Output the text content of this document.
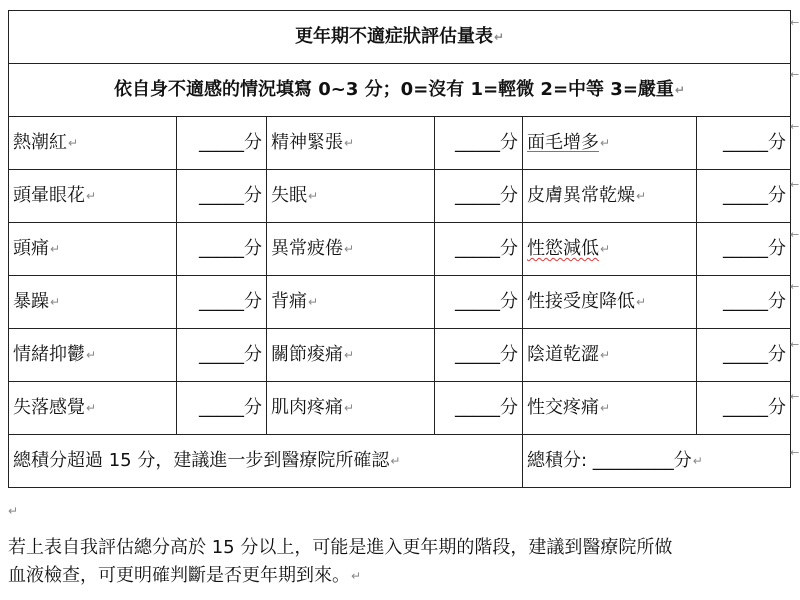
更年期不適症狀評估量表↵					
依自身不適感的情況填寫 0~3 分；0=沒有 1=輕微 2=中等 3=嚴重↵					
熱潮紅↵	_____分	精神緊張↵	_____分	面毛增多↵	_____分
頭暈眼花↵	_____分	失眠↵	_____分	皮膚異常乾燥↵	_____分
頭痛↵	_____分	異常疲倦↵	_____分	性慾減低↵	_____分
暴躁↵	_____分	背痛↵	_____分	性接受度降低↵	_____分
情緒抑鬱↵	_____分	關節痠痛↵	_____分	陰道乾澀↵	_____分
失落感覺↵	_____分	肌肉疼痛↵	_____分	性交疼痛↵	_____分
總積分超過 15 分，建議進一步到醫療院所確認↵				總積分: _________分↵	
←
←
←
←
←
←
←
←
←
↵
若上表自我評估總分高於 15 分以上，可能是進入更年期的階段，建議到醫療院所做
血液檢查，可更明確判斷是否更年期到來。↵
